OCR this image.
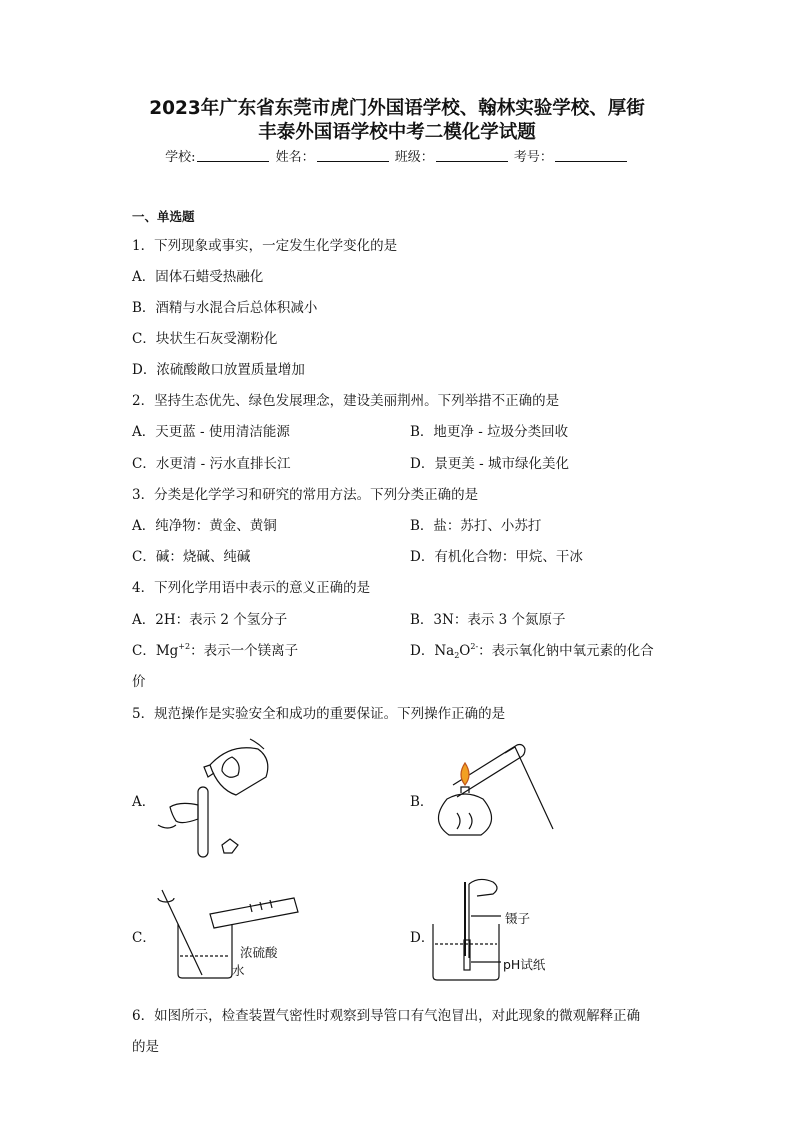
2023年广东省东莞市虎门外国语学校、翰林实验学校、厚街
丰泰外国语学校中考二模化学试题
学校:	姓名：	班级：	考号：
一、单选题
1．下列现象或事实，一定发生化学变化的是
A．固体石蜡受热融化
B．酒精与水混合后总体积减小
C．块状生石灰受潮粉化
D．浓硫酸敞口放置质量增加
2．坚持生态优先、绿色发展理念，建设美丽荆州。下列举措不正确的是
A．天更蓝 - 使用清洁能源	B．地更净 - 垃圾分类回收
C．水更清 - 污水直排长江	D．景更美 - 城市绿化美化
3．分类是化学学习和研究的常用方法。下列分类正确的是
A．纯净物：黄金、黄铜	B．盐：苏打、小苏打
C．碱：烧碱、纯碱	D．有机化合物：甲烷、干冰
4．下列化学用语中表示的意义正确的是
A．2H：表示 2 个氢分子	B．3N：表示 3 个氮原子
C．$Mg^{+2}$：表示一个镁离子	D．$Na_2O^{2-}$：表示氧化钠中氧元素的化合
价
5．规范操作是实验安全和成功的重要保证。下列操作正确的是
A．	B．
C．	D．
浓硫酸
水
镊子
pH试纸
6．如图所示，检查装置气密性时观察到导管口有气泡冒出，对此现象的微观解释正确
的是
